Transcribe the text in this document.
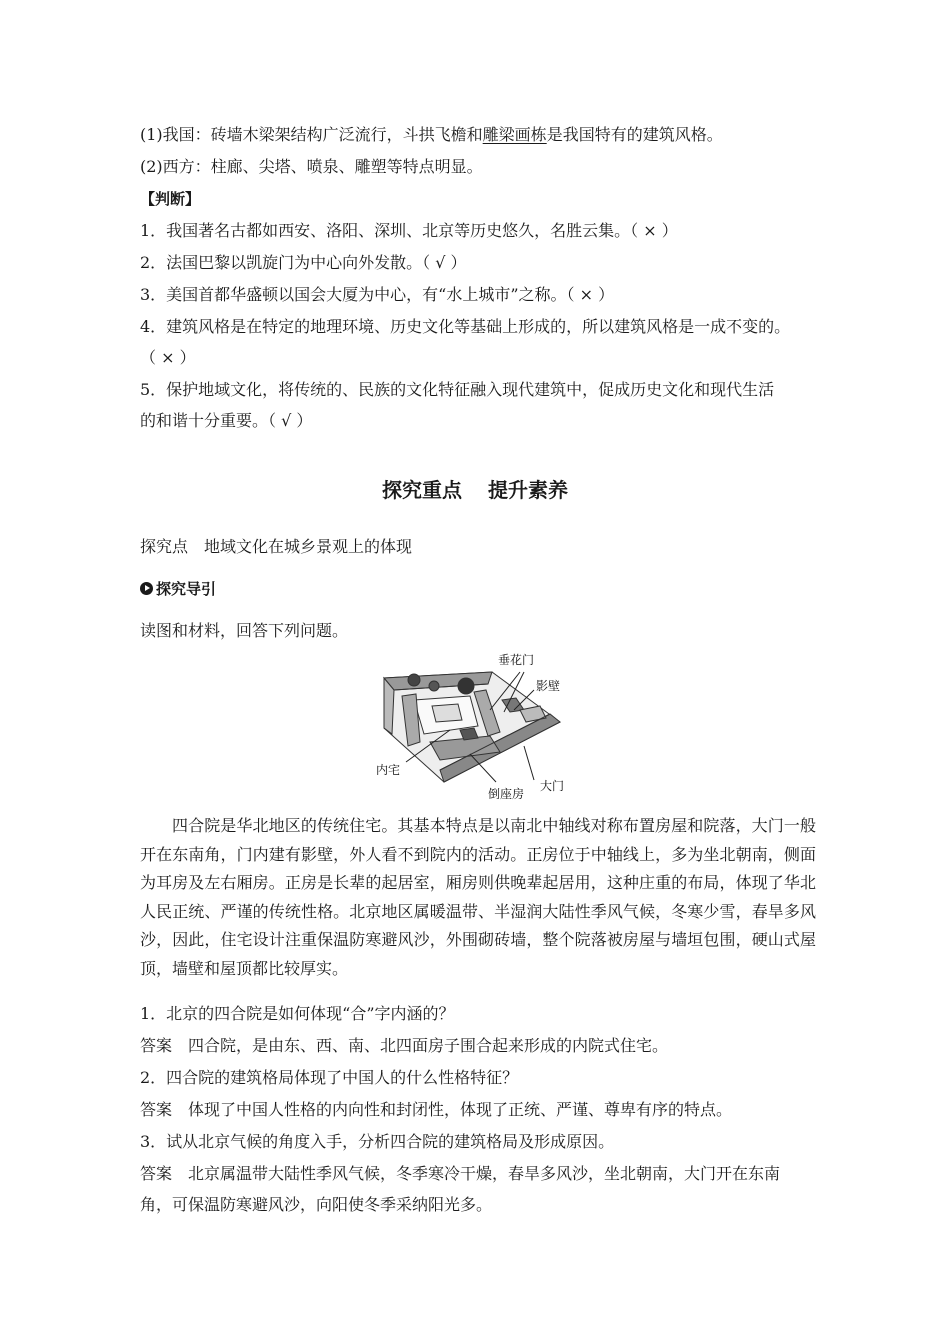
(1)我国：砖墙木梁架结构广泛流行，斗拱飞檐和雕梁画栋是我国特有的建筑风格。
(2)西方：柱廊、尖塔、喷泉、雕塑等特点明显。
【判断】
1．我国著名古都如西安、洛阳、深圳、北京等历史悠久，名胜云集。（ × ）
2．法国巴黎以凯旋门为中心向外发散。（ √ ）
3．美国首都华盛顿以国会大厦为中心，有“水上城市”之称。（ × ）
4．建筑风格是在特定的地理环境、历史文化等基础上形成的，所以建筑风格是一成不变的。
（ × ）
5．保护地域文化，将传统的、民族的文化特征融入现代建筑中，促成历史文化和现代生活
的和谐十分重要。（ √ ）
探究重点 提升素养
探究点　地域文化在城乡景观上的体现
探究导引
读图和材料，回答下列问题。
垂花门
影壁
内宅
大门
倒座房
四合院是华北地区的传统住宅。其基本特点是以南北中轴线对称布置房屋和院落，大门一般开在东南角，门内建有影壁，外人看不到院内的活动。正房位于中轴线上，多为坐北朝南，侧面为耳房及左右厢房。正房是长辈的起居室，厢房则供晚辈起居用，这种庄重的布局，体现了华北人民正统、严谨的传统性格。北京地区属暖温带、半湿润大陆性季风气候，冬寒少雪，春旱多风沙，因此，住宅设计注重保温防寒避风沙，外围砌砖墙，整个院落被房屋与墙垣包围，硬山式屋顶，墙壁和屋顶都比较厚实。
1．北京的四合院是如何体现“合”字内涵的？
答案　四合院，是由东、西、南、北四面房子围合起来形成的内院式住宅。
2．四合院的建筑格局体现了中国人的什么性格特征？
答案　体现了中国人性格的内向性和封闭性，体现了正统、严谨、尊卑有序的特点。
3．试从北京气候的角度入手，分析四合院的建筑格局及形成原因。
答案　北京属温带大陆性季风气候，冬季寒冷干燥，春旱多风沙，坐北朝南，大门开在东南
角，可保温防寒避风沙，向阳使冬季采纳阳光多。
